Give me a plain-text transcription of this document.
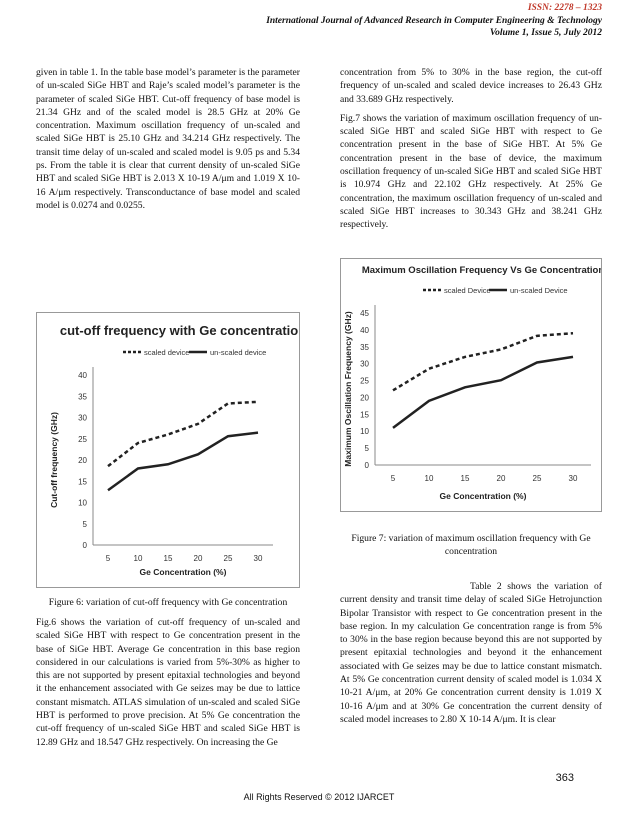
ISSN: 2278 – 1323
International Journal of Advanced Research in Computer Engineering & Technology
Volume 1, Issue 5, July 2012

given in table 1. In the table base model’s parameter is the parameter of un-scaled SiGe HBT and Raje’s scaled model’s parameter is the parameter of scaled SiGe HBT. Cut-off frequency of base model is 21.34 GHz and of the scaled model is 28.5 GHz at 20% Ge concentration. Maximum oscillation frequency of un-scaled and scaled SiGe HBT is 25.10 GHz and 34.214 GHz respectively. The transit time delay of un-scaled and scaled model is 9.05 ps and 5.34 ps. From the table it is clear that current density of un-scaled SiGe HBT and scaled SiGe HBT is 2.013 X 10-19 A/μm and 1.019 X 10-16 A/μm respectively. Transconductance of base model and scaled model is 0.0274 and 0.0255.

cut-off frequency with Ge concentration
scaled device	un-scaled device
0
5
10
15
20
25
30
35
40
5	10	15	20	25	30
Ge Concentration (%)
Cut-off frequency (GHz)
Figure 6: variation of cut-off frequency with Ge concentration

Fig.6 shows the variation of cut-off frequency of un-scaled and scaled SiGe HBT with respect to Ge concentration present in the base of SiGe HBT. Average Ge concentration in this base region considered in our calculations is varied from 5%-30% as higher to this are not supported by present epitaxial technologies and beyond it the enhancement associated with Ge seizes may be due to lattice constant mismatch. ATLAS simulation of un-scaled and scaled SiGe HBT is performed to prove precision. At 5% Ge concentration the cut-off frequency of un-scaled SiGe HBT and scaled SiGe HBT is 12.89 GHz and 18.547 GHz respectively. On increasing the Ge

concentration from 5% to 30% in the base region, the cut-off frequency of un-scaled and scaled device increases to 26.43 GHz and 33.689 GHz respectively.

Fig.7 shows the variation of maximum oscillation frequency of un-scaled SiGe HBT and scaled SiGe HBT with respect to Ge concentration present in the base of SiGe HBT. At 5% Ge concentration present in the base of device, the maximum oscillation frequency of un-scaled SiGe HBT and scaled SiGe HBT is 10.974 GHz and 22.102 GHz respectively. At 25% Ge concentration, the maximum oscillation frequency of un-scaled and scaled SiGe HBT increases to 30.343 GHz and 38.241 GHz respectively.

Maximum Oscillation Frequency Vs Ge Concentration
scaled Device	un-scaled Device
0
5
10
15
20
25
30
35
40
45
5	10	15	20	25	30
Ge Concentration (%)
Maximum Oscillation Frequency (GHz)
Figure 7: variation of maximum oscillation frequency with Ge concentration

Table 2 shows the variation of current density and transit time delay of scaled SiGe Hetrojunction Bipolar Transistor with respect to Ge concentration present in the base region. In my calculation Ge concentration range is from 5% to 30% in the base region because beyond this are not supported by present epitaxial technologies and beyond it the enhancement associated with Ge seizes may be due to lattice constant mismatch. At 5% Ge concentration current density of scaled model is 1.034 X 10-21 A/μm, at 20% Ge concentration current density is 1.019 X 10-16 A/μm and at 30% Ge concentration the current density of scaled model increases to 2.80 X 10-14 A/μm. It is clear

363
All Rights Reserved © 2012 IJARCET
